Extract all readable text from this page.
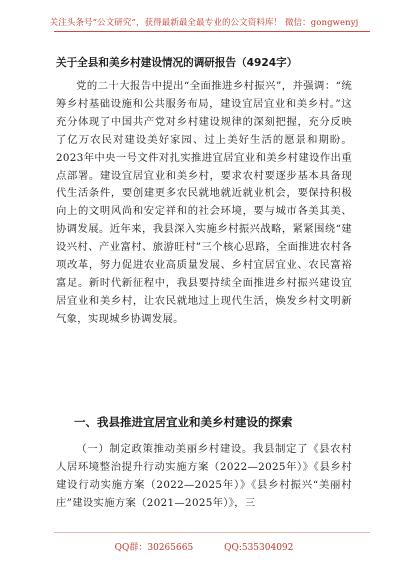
关注头条号“公文研究”，获得最新最全最专业的公文资料库！ 微信：gongwenyj
关于全县和美乡村建设情况的调研报告（4924字）
党的二十大报告中提出“全面推进乡村振兴”，并强调：“统筹乡村基础设施和公共服务布局，建设宜居宜业和美乡村。”这充分体现了中国共产党对乡村建设规律的深刻把握，充分反映了亿万农民对建设美好家园、过上美好生活的愿景和期盼。2023年中央一号文件对扎实推进宜居宜业和美乡村建设作出重点部署。建设宜居宜业和美乡村，要求农村要逐步基本具备现代生活条件，要创建更多农民就地就近就业机会，要保持积极向上的文明风尚和安定祥和的社会环境，要与城市各美其美、协调发展。近年来，我县深入实施乡村振兴战略，紧紧围绕“建设兴村、产业富村、旅游旺村”三个核心思路，全面推进农村各项改革，努力促进农业高质量发展、乡村宜居宜业、农民富裕富足。新时代新征程中，我县要持续全面推进乡村振兴建设宜居宜业和美乡村，让农民就地过上现代生活，焕发乡村文明新气象，实现城乡协调发展。
一、我县推进宜居宜业和美乡村建设的探索
（一）制定政策推动美丽乡村建设。我县制定了《县农村人居环境整治提升行动实施方案（2022—2025年）》《县乡村建设行动实施方案（2022—2025年）》《县乡村振兴“美丽村庄”建设实施方案（2021—2025年）》，三
QQ群：30265665	QQ:535304092
